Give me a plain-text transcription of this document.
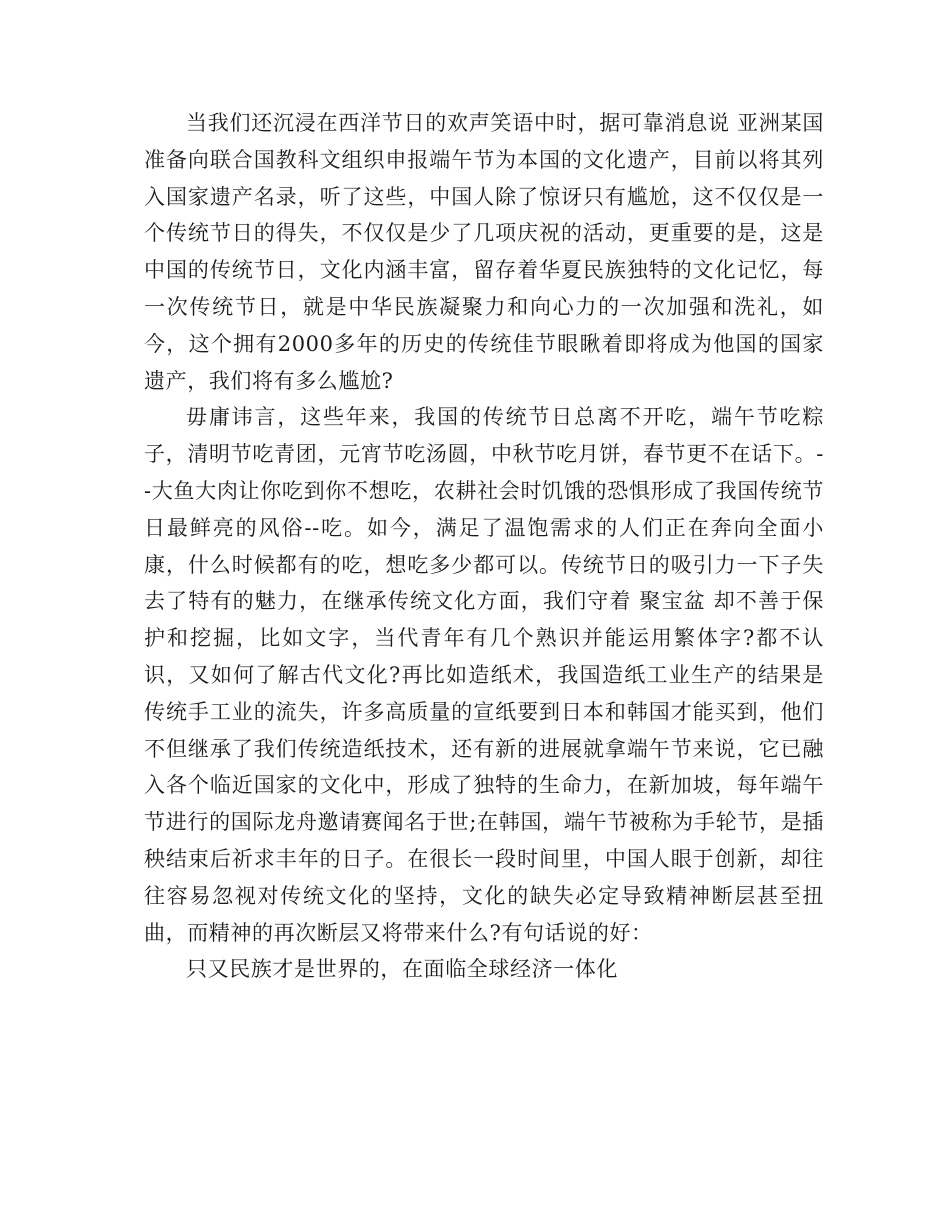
当我们还沉浸在西洋节日的欢声笑语中时，据可靠消息说 亚洲某国准备向联合国教科文组织申报端午节为本国的文化遗产，目前以将其列入国家遗产名录，听了这些，中国人除了惊讶只有尴尬，这不仅仅是一个传统节日的得失，不仅仅是少了几项庆祝的活动，更重要的是，这是中国的传统节日，文化内涵丰富，留存着华夏民族独特的文化记忆，每一次传统节日，就是中华民族凝聚力和向心力的一次加强和洗礼，如今，这个拥有2000多年的历史的传统佳节眼瞅着即将成为他国的国家遗产，我们将有多么尴尬?

毋庸讳言，这些年来，我国的传统节日总离不开吃，端午节吃粽子，清明节吃青团，元宵节吃汤圆，中秋节吃月饼，春节更不在话下。--大鱼大肉让你吃到你不想吃，农耕社会时饥饿的恐惧形成了我国传统节日最鲜亮的风俗--吃。如今，满足了温饱需求的人们正在奔向全面小康，什么时候都有的吃，想吃多少都可以。传统节日的吸引力一下子失去了特有的魅力，在继承传统文化方面，我们守着 聚宝盆 却不善于保护和挖掘，比如文字，当代青年有几个熟识并能运用繁体字?都不认识，又如何了解古代文化?再比如造纸术，我国造纸工业生产的结果是传统手工业的流失，许多高质量的宣纸要到日本和韩国才能买到，他们不但继承了我们传统造纸技术，还有新的进展就拿端午节来说，它已融入各个临近国家的文化中，形成了独特的生命力，在新加坡，每年端午节进行的国际龙舟邀请赛闻名于世;在韩国，端午节被称为手轮节，是插秧结束后祈求丰年的日子。在很长一段时间里，中国人眼于创新，却往往容易忽视对传统文化的坚持，文化的缺失必定导致精神断层甚至扭曲，而精神的再次断层又将带来什么?有句话说的好：

只又民族才是世界的，在面临全球经济一体化
